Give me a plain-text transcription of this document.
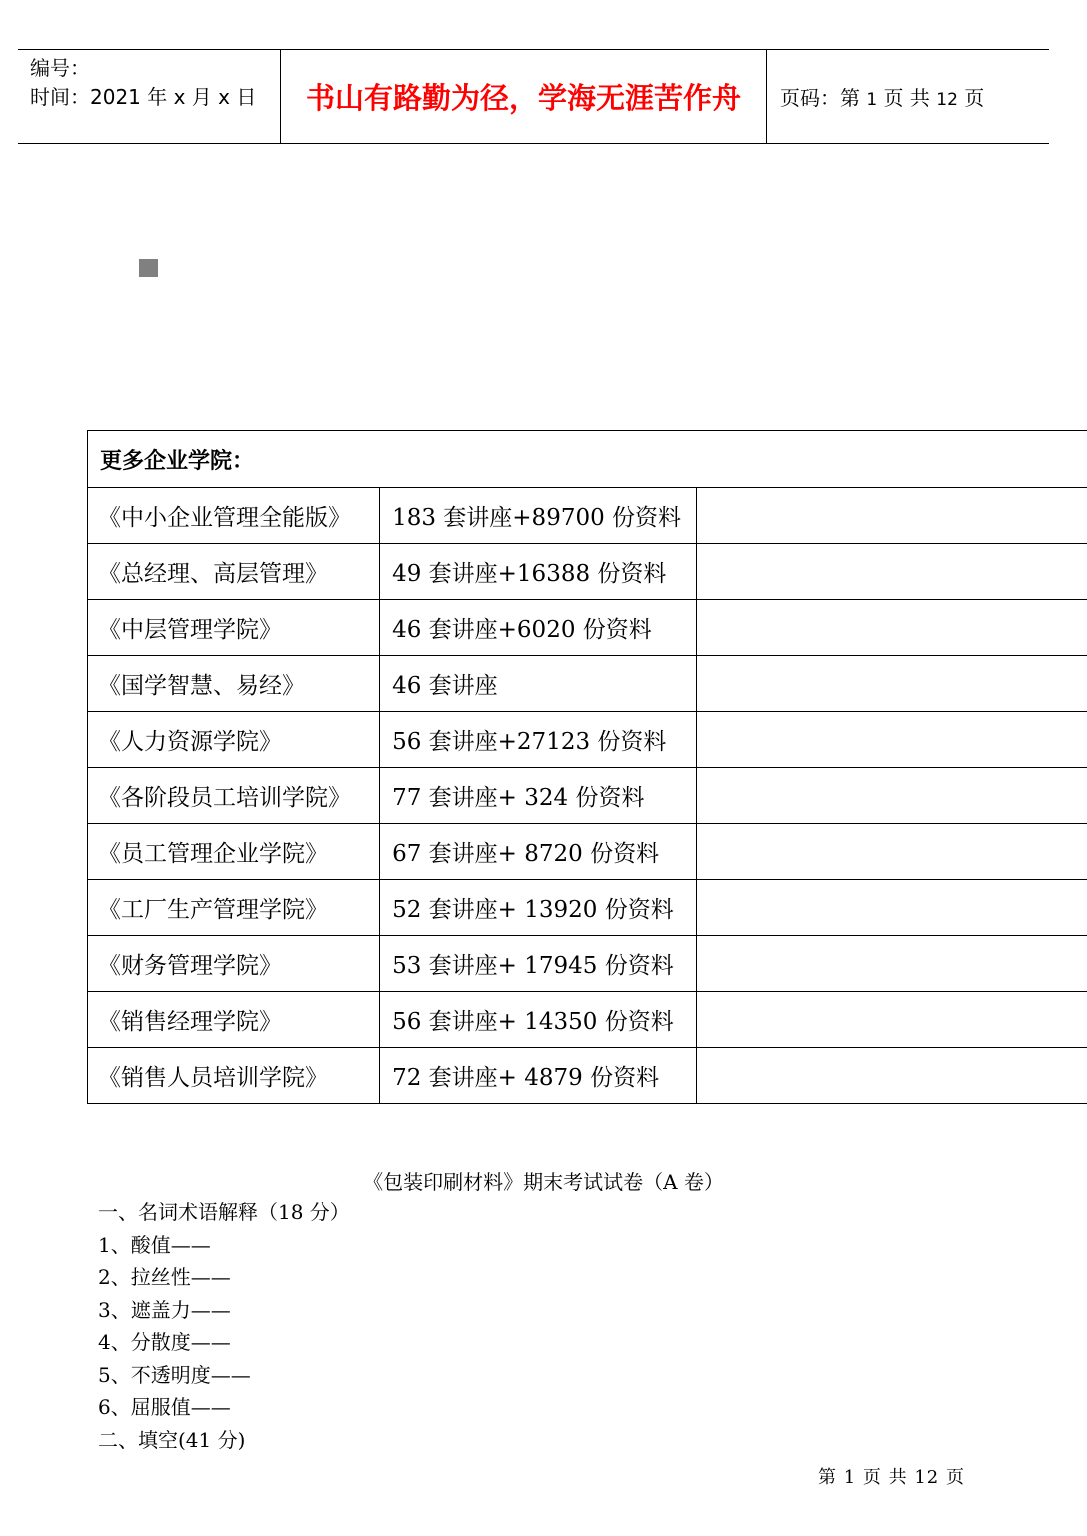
编号：
时间：2021 年 x 月 x 日	书山有路勤为径，学海无涯苦作舟	页码：第 1 页 共 12 页
更多企业学院：		
《中小企业管理全能版》	183 套讲座+89700 份资料	
《总经理、高层管理》	49 套讲座+16388 份资料	
《中层管理学院》	46 套讲座+6020 份资料	
《国学智慧、易经》	46 套讲座	
《人力资源学院》	56 套讲座+27123 份资料	
《各阶段员工培训学院》	77 套讲座+ 324 份资料	
《员工管理企业学院》	67 套讲座+ 8720 份资料	
《工厂生产管理学院》	52 套讲座+ 13920 份资料	
《财务管理学院》	53 套讲座+ 17945 份资料	
《销售经理学院》	56 套讲座+ 14350 份资料	
《销售人员培训学院》	72 套讲座+ 4879 份资料	
《包装印刷材料》期末考试试卷（A 卷）
一、名词术语解释（18 分）
1、酸值——
2、拉丝性——
3、遮盖力——
4、分散度——
5、不透明度——
6、屈服值——
二、填空(41 分)
第 1 页 共 12 页
